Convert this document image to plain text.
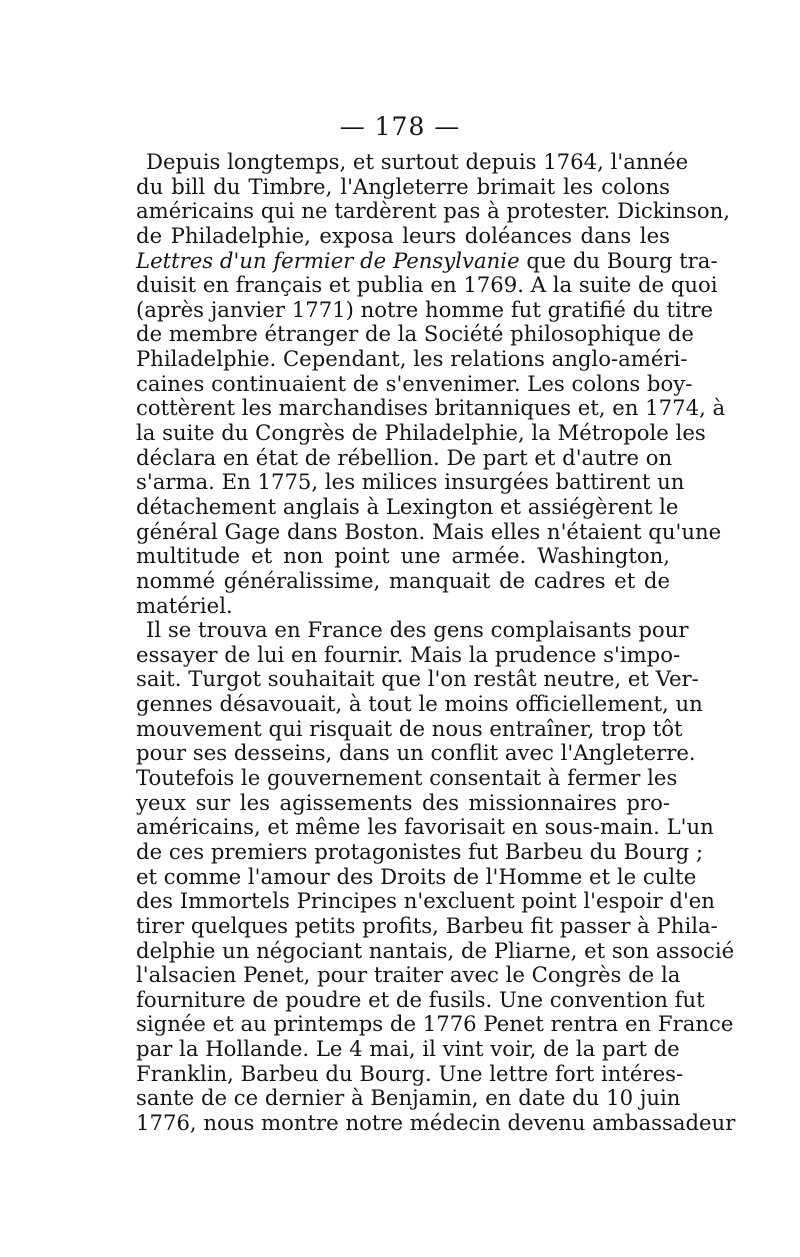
— 178 —
Depuis longtemps, et surtout depuis 1764, l'année
du bill du Timbre, l'Angleterre brimait les colons
américains qui ne tardèrent pas à protester. Dickinson,
de Philadelphie, exposa leurs doléances dans les
Lettres d'un fermier de Pensylvanie que du Bourg tra-
duisit en français et publia en 1769. A la suite de quoi
(après janvier 1771) notre homme fut gratifié du titre
de membre étranger de la Société philosophique de
Philadelphie. Cependant, les relations anglo-améri-
caines continuaient de s'envenimer. Les colons boy-
cottèrent les marchandises britanniques et, en 1774, à
la suite du Congrès de Philadelphie, la Métropole les
déclara en état de rébellion. De part et d'autre on
s'arma. En 1775, les milices insurgées battirent un
détachement anglais à Lexington et assiégèrent le
général Gage dans Boston. Mais elles n'étaient qu'une
multitude et non point une armée. Washington,
nommé généralissime, manquait de cadres et de
matériel.
Il se trouva en France des gens complaisants pour
essayer de lui en fournir. Mais la prudence s'impo-
sait. Turgot souhaitait que l'on restât neutre, et Ver-
gennes désavouait, à tout le moins officiellement, un
mouvement qui risquait de nous entraîner, trop tôt
pour ses desseins, dans un conflit avec l'Angleterre.
Toutefois le gouvernement consentait à fermer les
yeux sur les agissements des missionnaires pro-
américains, et même les favorisait en sous-main. L'un
de ces premiers protagonistes fut Barbeu du Bourg ;
et comme l'amour des Droits de l'Homme et le culte
des Immortels Principes n'excluent point l'espoir d'en
tirer quelques petits profits, Barbeu fit passer à Phila-
delphie un négociant nantais, de Pliarne, et son associé
l'alsacien Penet, pour traiter avec le Congrès de la
fourniture de poudre et de fusils. Une convention fut
signée et au printemps de 1776 Penet rentra en France
par la Hollande. Le 4 mai, il vint voir, de la part de
Franklin, Barbeu du Bourg. Une lettre fort intéres-
sante de ce dernier à Benjamin, en date du 10 juin
1776, nous montre notre médecin devenu ambassadeur
